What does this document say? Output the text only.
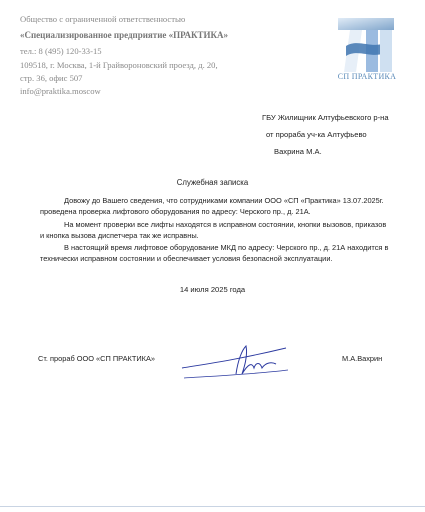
Общество с ограниченной ответственностью
«Специализированное предприятие «ПРАКТИКА»
тел.: 8 (495) 120-33-15
109518, г. Москва, 1-й Грайвороновский проезд, д. 20,
стр. 36, офис 507
info@praktika.moscow
СП ПРАКТИКА
ГБУ Жилищник Алтуфьевского р-на
от прораба уч-ка Алтуфьево
Вахрина М.А.
Служебная записка
Довожу до Вашего сведения, что сотрудниками компании ООО «СП «Практика» 13.07.2025г. проведена проверка лифтового оборудования по адресу: Черского пр., д. 21А.
На момент проверки все лифты находятся в исправном состоянии, кнопки вызовов, приказов и кнопка вызова диспетчера так же исправны.
В настоящий время лифтовое оборудование МКД по адресу: Черского пр., д. 21А находится в технически исправном состоянии и обеспечивает условия безопасной эксплуатации.
14 июля 2025 года
Ст. прораб ООО «СП ПРАКТИКА»	М.А.Вахрин
